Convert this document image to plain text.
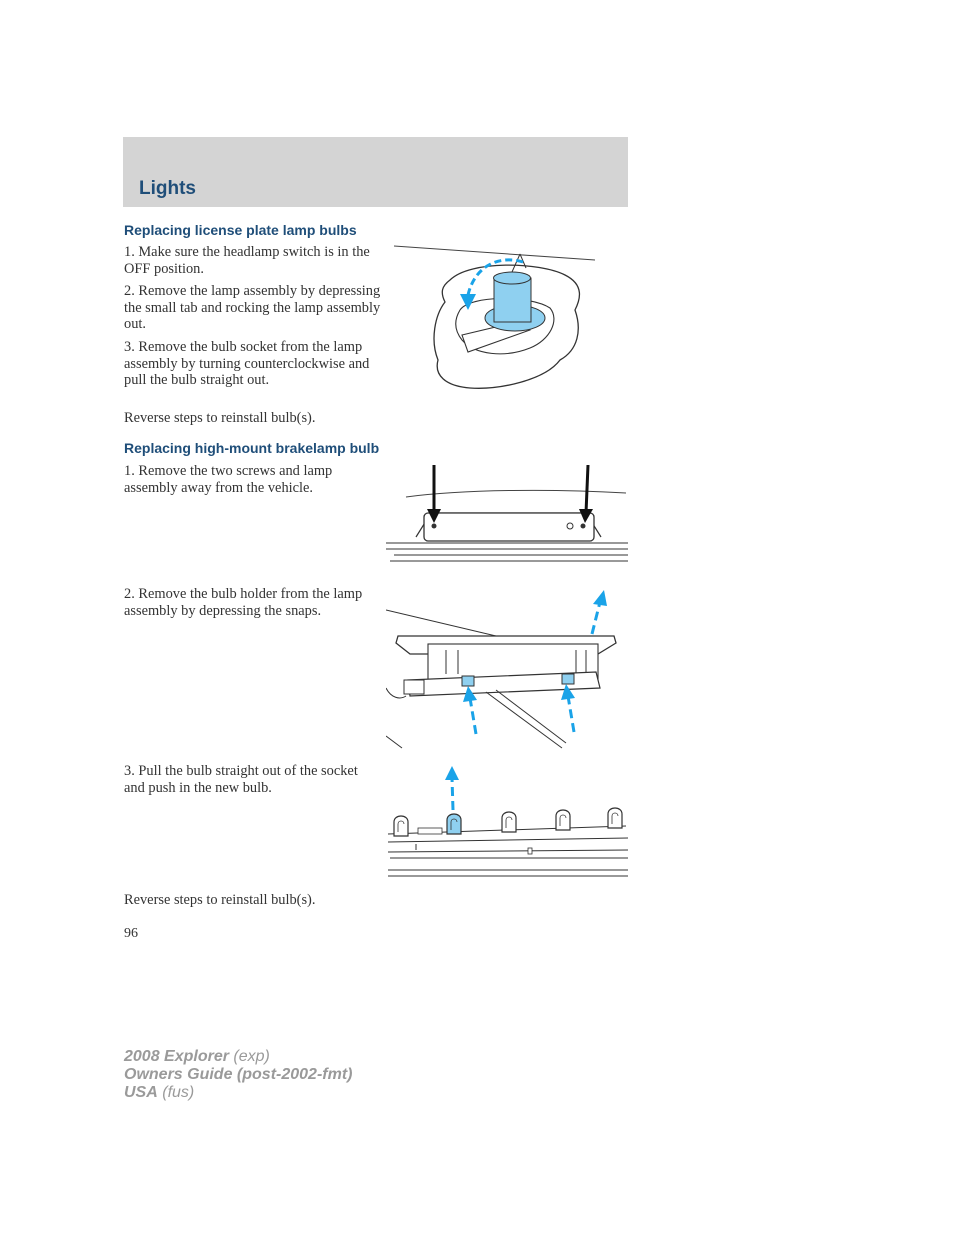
Lights
Replacing license plate lamp bulbs
1. Make sure the headlamp switch is in the OFF position.
2. Remove the lamp assembly by depressing the small tab and rocking the lamp assembly out.
3. Remove the bulb socket from the lamp assembly by turning counterclockwise and pull the bulb straight out.
Reverse steps to reinstall bulb(s).
Replacing high-mount brakelamp bulb
1. Remove the two screws and lamp assembly away from the vehicle.
2. Remove the bulb holder from the lamp assembly by depressing the snaps.
3. Pull the bulb straight out of the socket and push in the new bulb.
Reverse steps to reinstall bulb(s).
96
2008 Explorer (exp)
Owners Guide (post-2002-fmt)
USA (fus)
